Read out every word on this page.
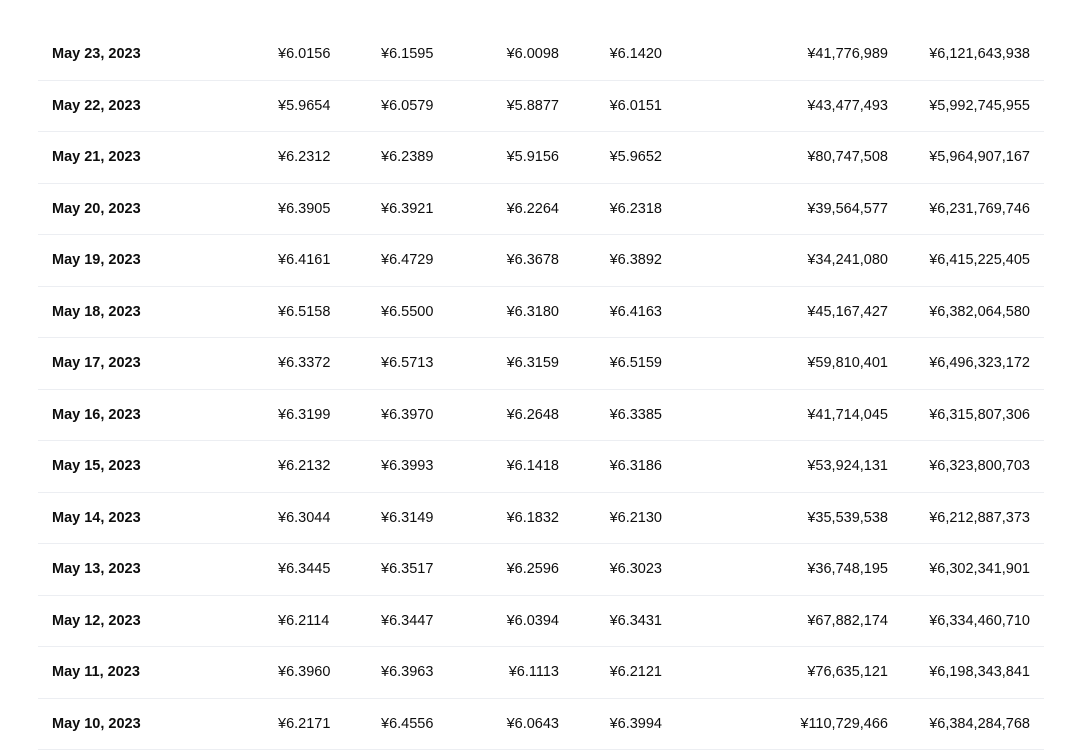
May 23, 2023	¥6.0156	¥6.1595	¥6.0098	¥6.1420	¥41,776,989	¥6,121,643,938
May 22, 2023	¥5.9654	¥6.0579	¥5.8877	¥6.0151	¥43,477,493	¥5,992,745,955
May 21, 2023	¥6.2312	¥6.2389	¥5.9156	¥5.9652	¥80,747,508	¥5,964,907,167
May 20, 2023	¥6.3905	¥6.3921	¥6.2264	¥6.2318	¥39,564,577	¥6,231,769,746
May 19, 2023	¥6.4161	¥6.4729	¥6.3678	¥6.3892	¥34,241,080	¥6,415,225,405
May 18, 2023	¥6.5158	¥6.5500	¥6.3180	¥6.4163	¥45,167,427	¥6,382,064,580
May 17, 2023	¥6.3372	¥6.5713	¥6.3159	¥6.5159	¥59,810,401	¥6,496,323,172
May 16, 2023	¥6.3199	¥6.3970	¥6.2648	¥6.3385	¥41,714,045	¥6,315,807,306
May 15, 2023	¥6.2132	¥6.3993	¥6.1418	¥6.3186	¥53,924,131	¥6,323,800,703
May 14, 2023	¥6.3044	¥6.3149	¥6.1832	¥6.2130	¥35,539,538	¥6,212,887,373
May 13, 2023	¥6.3445	¥6.3517	¥6.2596	¥6.3023	¥36,748,195	¥6,302,341,901
May 12, 2023	¥6.2114	¥6.3447	¥6.0394	¥6.3431	¥67,882,174	¥6,334,460,710
May 11, 2023	¥6.3960	¥6.3963	¥6.1113	¥6.2121	¥76,635,121	¥6,198,343,841
May 10, 2023	¥6.2171	¥6.4556	¥6.0643	¥6.3994	¥110,729,466	¥6,384,284,768
